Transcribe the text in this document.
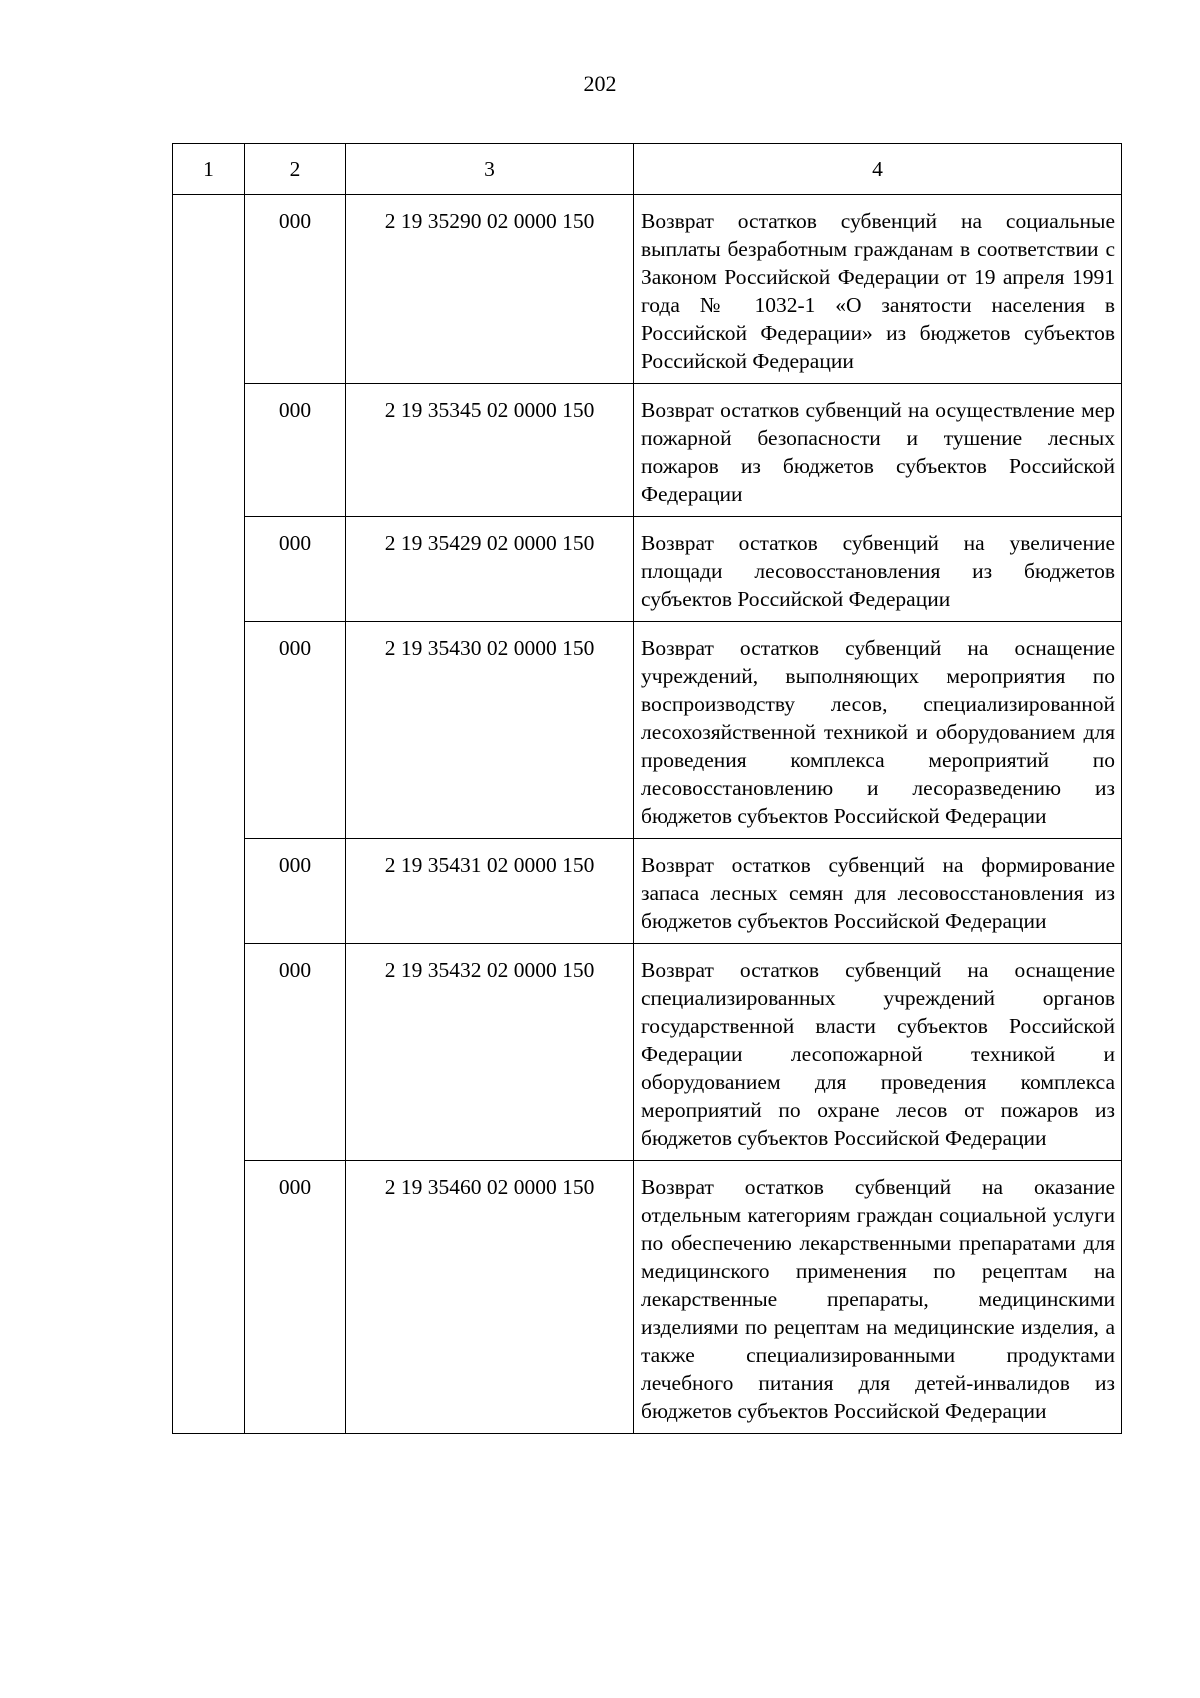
202
1	2	3	4
	000	2 19 35290 02 0000 150	Возврат остатков субвенций на социальные выплаты безработным гражданам в соответствии с Законом Российской Федерации от 19 апреля 1991 года № 1032-1 «О занятости населения в Российской Федерации» из бюджетов субъектов Российской Федерации
	000	2 19 35345 02 0000 150	Возврат остатков субвенций на осуществление мер пожарной безопасности и тушение лесных пожаров из бюджетов субъектов Российской Федерации
	000	2 19 35429 02 0000 150	Возврат остатков субвенций на увеличение площади лесовосстановления из бюджетов субъектов Российской Федерации
	000	2 19 35430 02 0000 150	Возврат остатков субвенций на оснащение учреждений, выполняющих мероприятия по воспроизводству лесов, специализированной лесохозяйственной техникой и оборудованием для проведения комплекса мероприятий по лесовосстановлению и лесоразведению из бюджетов субъектов Российской Федерации
	000	2 19 35431 02 0000 150	Возврат остатков субвенций на формирование запаса лесных семян для лесовосстановления из бюджетов субъектов Российской Федерации
	000	2 19 35432 02 0000 150	Возврат остатков субвенций на оснащение специализированных учреждений органов государственной власти субъектов Российской Федерации лесопожарной техникой и оборудованием для проведения комплекса мероприятий по охране лесов от пожаров из бюджетов субъектов Российской Федерации
	000	2 19 35460 02 0000 150	Возврат остатков субвенций на оказание отдельным категориям граждан социальной услуги по обеспечению лекарственными препаратами для медицинского применения по рецептам на лекарственные препараты, медицинскими изделиями по рецептам на медицинские изделия, а также специализированными продуктами лечебного питания для детей-инвалидов из бюджетов субъектов Российской Федерации
